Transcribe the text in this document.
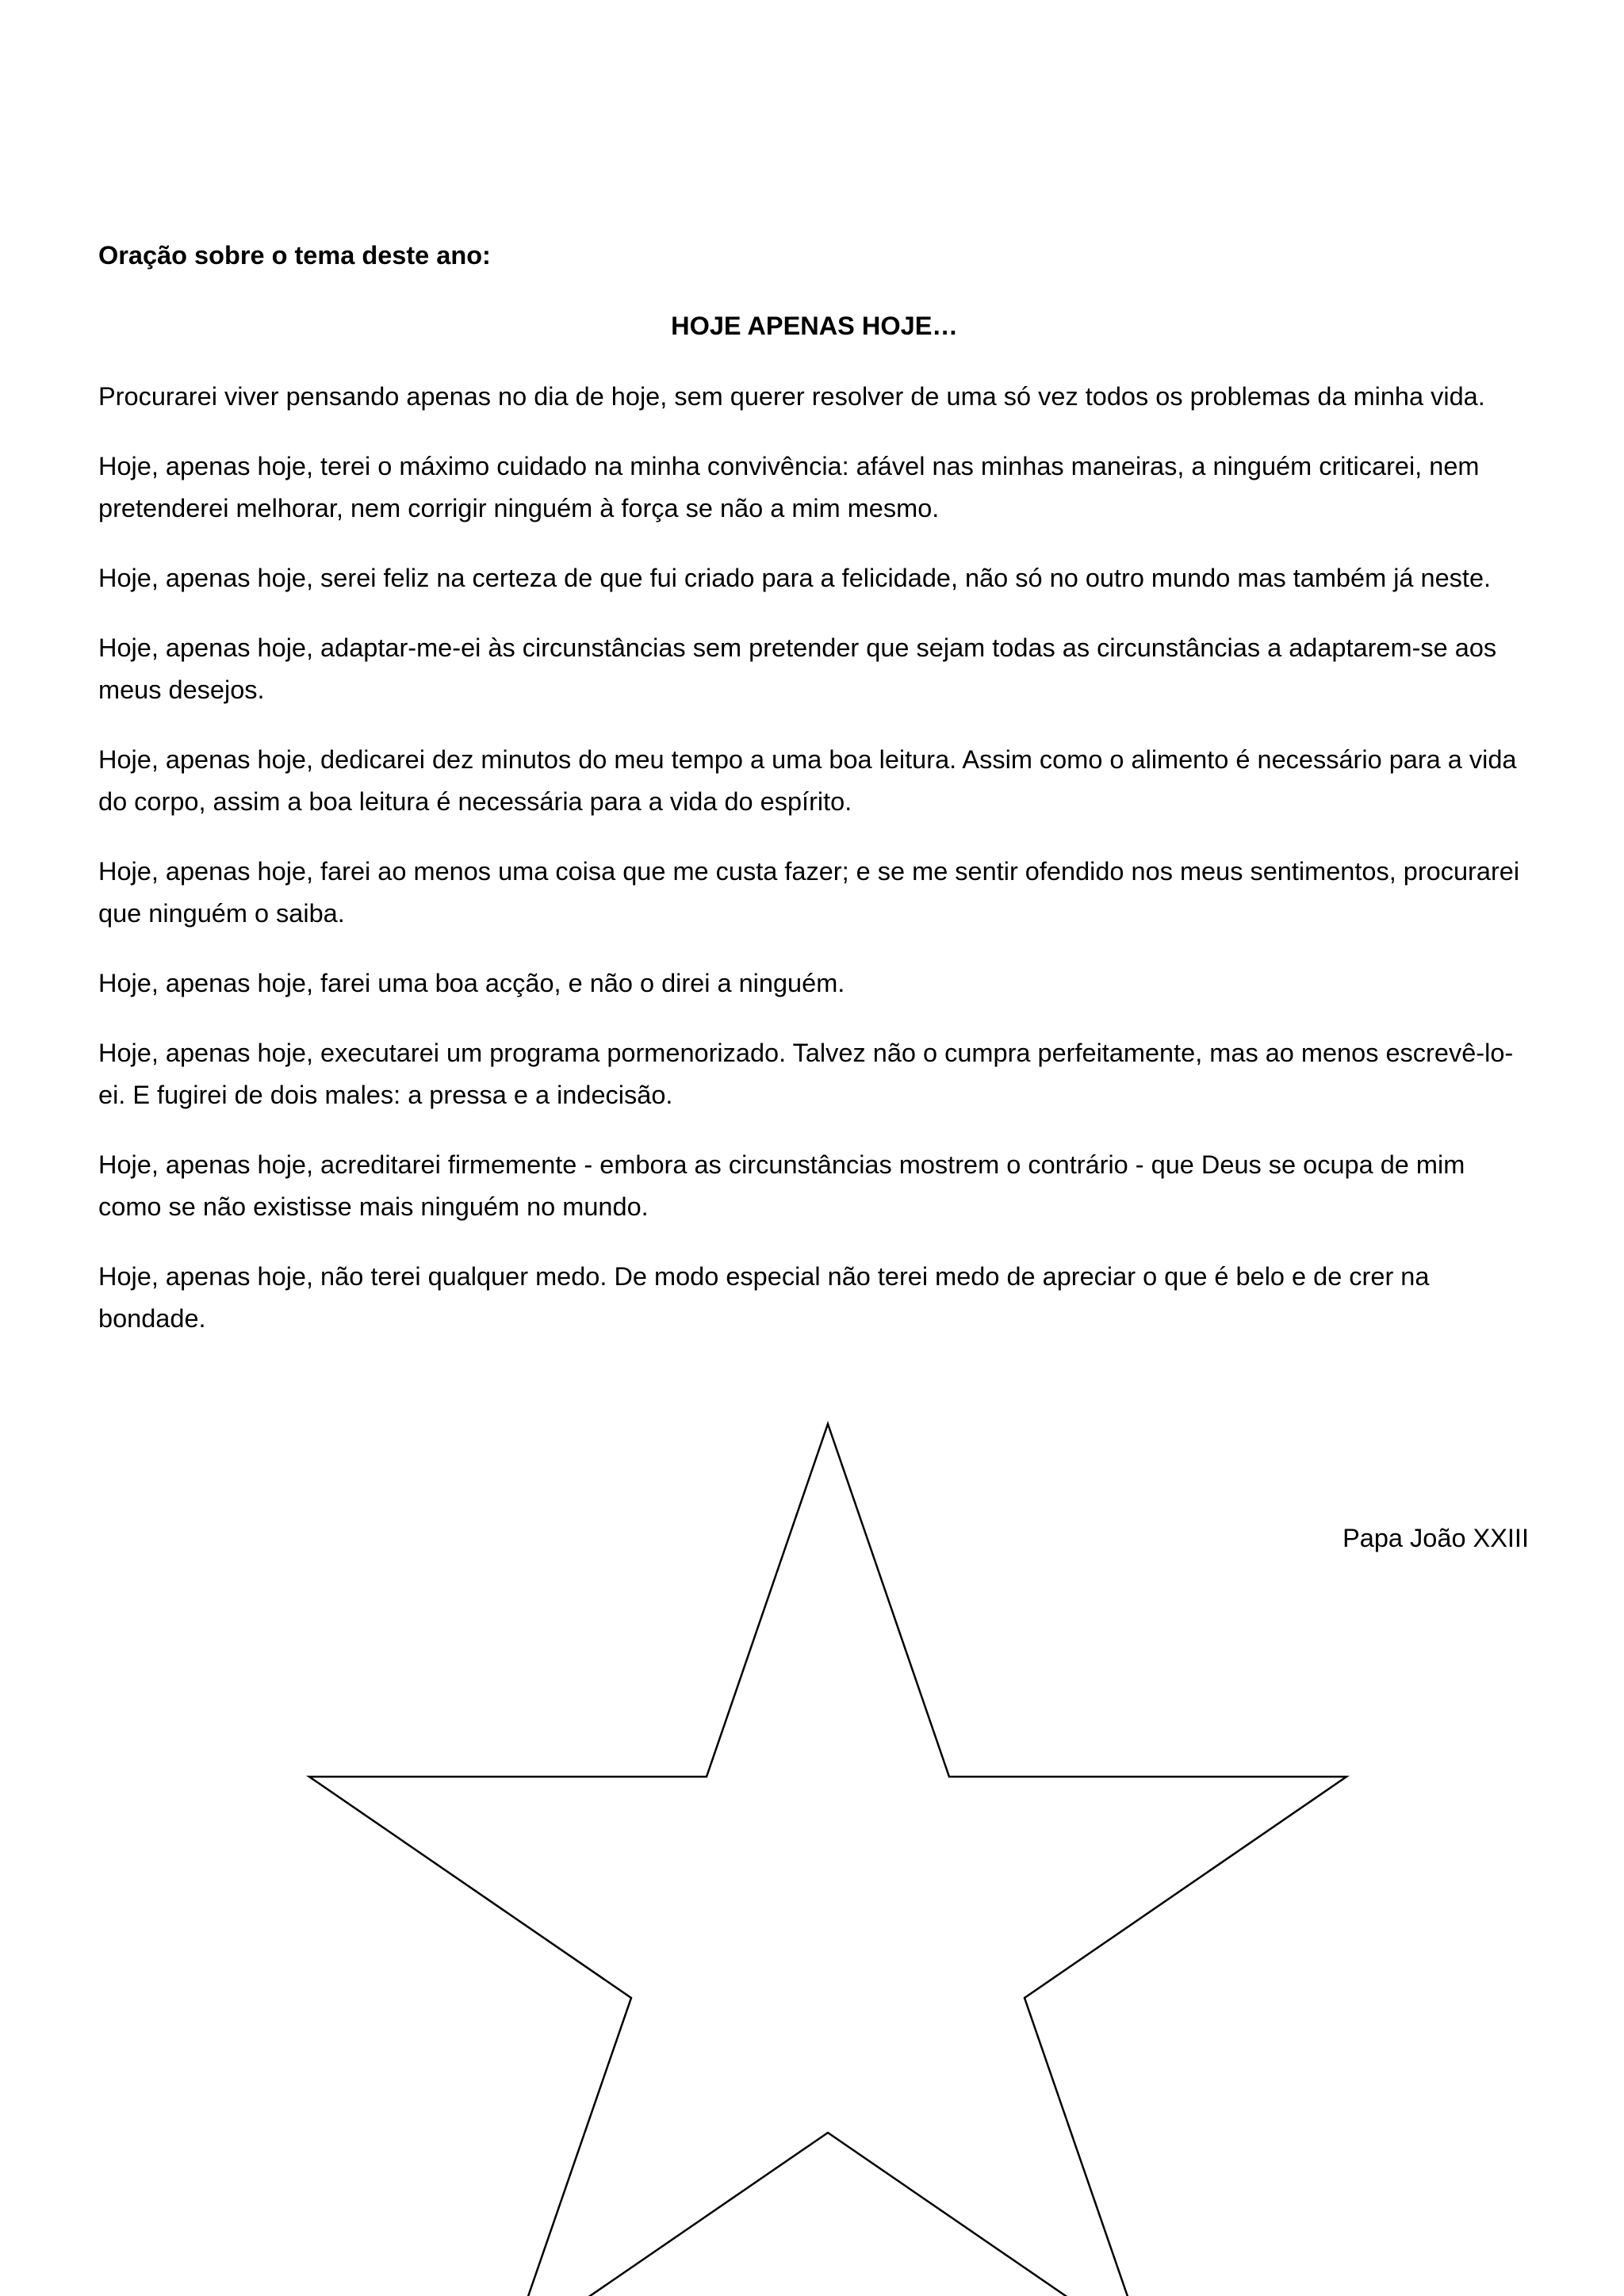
Oração sobre o tema deste ano:

HOJE APENAS HOJE…

Procurarei viver pensando apenas no dia de hoje, sem querer resolver de uma só vez todos os problemas da minha vida.

Hoje, apenas hoje, terei o máximo cuidado na minha convivência: afável nas minhas maneiras, a ninguém criticarei, nem pretenderei melhorar, nem corrigir ninguém à força se não a mim mesmo.

Hoje, apenas hoje, serei feliz na certeza de que fui criado para a felicidade, não só no outro mundo mas também já neste.

Hoje, apenas hoje, adaptar-me-ei às circunstâncias sem pretender que sejam todas as circunstâncias a adaptarem-se aos meus desejos.

Hoje, apenas hoje, dedicarei dez minutos do meu tempo a uma boa leitura. Assim como o alimento é necessário para a vida do corpo, assim a boa leitura é necessária para a vida do espírito.

Hoje, apenas hoje, farei ao menos uma coisa que me custa fazer; e se me sentir ofendido nos meus sentimentos, procurarei que ninguém o saiba.

Hoje, apenas hoje, farei uma boa acção, e não o direi a ninguém.

Hoje, apenas hoje, executarei um programa pormenorizado. Talvez não o cumpra perfeitamente, mas ao menos escrevê-lo-ei. E fugirei de dois males: a pressa e a indecisão.

Hoje, apenas hoje, acreditarei firmemente - embora as circunstâncias mostrem o contrário - que Deus se ocupa de mim como se não existisse mais ninguém no mundo.

Hoje, apenas hoje, não terei qualquer medo. De modo especial não terei medo de apreciar o que é belo e de crer na bondade.

Papa João XXIII
